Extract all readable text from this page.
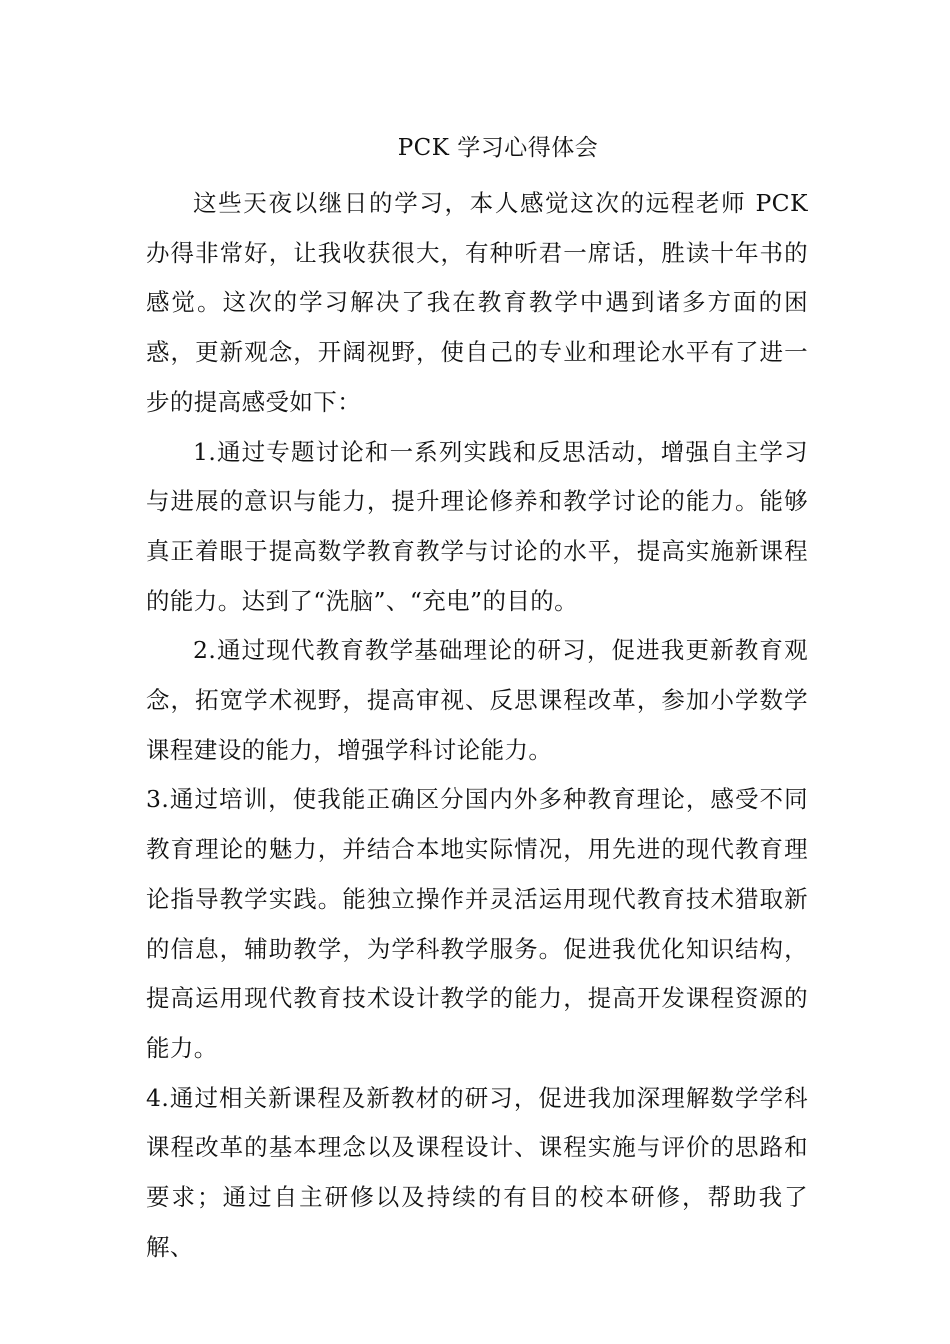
PCK 学习心得体会

这些天夜以继日的学习，本人感觉这次的远程老师 PCK 办得非常好，让我收获很大，有种听君一席话，胜读十年书的感觉。这次的学习解决了我在教育教学中遇到诸多方面的困惑，更新观念，开阔视野，使自己的专业和理论水平有了进一步的提高感受如下：

1.通过专题讨论和一系列实践和反思活动，增强自主学习与进展的意识与能力，提升理论修养和教学讨论的能力。能够真正着眼于提高数学教育教学与讨论的水平，提高实施新课程的能力。达到了“洗脑”、“充电”的目的。

2.通过现代教育教学基础理论的研习，促进我更新教育观念，拓宽学术视野，提高审视、反思课程改革，参加小学数学课程建设的能力，增强学科讨论能力。

3.通过培训，使我能正确区分国内外多种教育理论，感受不同教育理论的魅力，并结合本地实际情况，用先进的现代教育理论指导教学实践。能独立操作并灵活运用现代教育技术猎取新的信息，辅助教学，为学科教学服务。促进我优化知识结构，提高运用现代教育技术设计教学的能力，提高开发课程资源的能力。

4.通过相关新课程及新教材的研习，促进我加深理解数学学科课程改革的基本理念以及课程设计、课程实施与评价的思路和要求；通过自主研修以及持续的有目的校本研修，帮助我了解、
